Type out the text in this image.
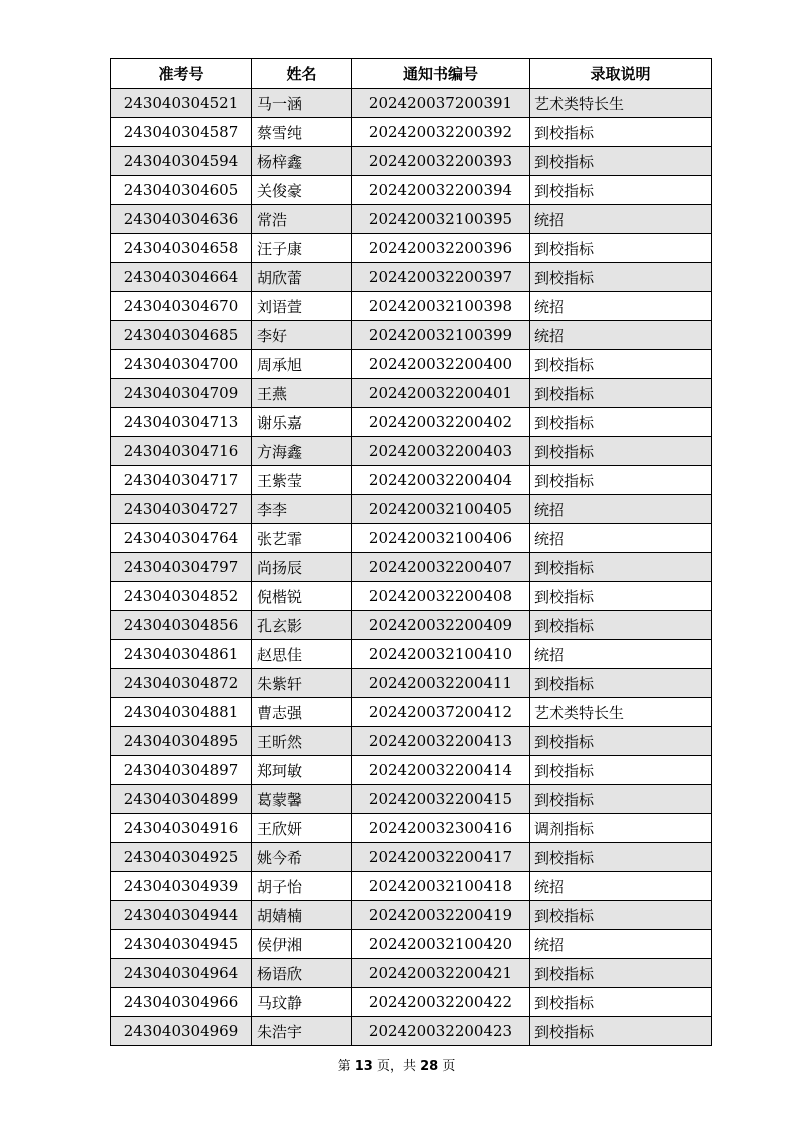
准考号	姓名	通知书编号	录取说明
243040304521	马一涵	202420037200391	艺术类特长生
243040304587	蔡雪纯	202420032200392	到校指标
243040304594	杨梓鑫	202420032200393	到校指标
243040304605	关俊豪	202420032200394	到校指标
243040304636	常浩	202420032100395	统招
243040304658	汪子康	202420032200396	到校指标
243040304664	胡欣蕾	202420032200397	到校指标
243040304670	刘语萱	202420032100398	统招
243040304685	李好	202420032100399	统招
243040304700	周承旭	202420032200400	到校指标
243040304709	王燕	202420032200401	到校指标
243040304713	谢乐嘉	202420032200402	到校指标
243040304716	方海鑫	202420032200403	到校指标
243040304717	王紫莹	202420032200404	到校指标
243040304727	李李	202420032100405	统招
243040304764	张艺霏	202420032100406	统招
243040304797	尚扬辰	202420032200407	到校指标
243040304852	倪楷锐	202420032200408	到校指标
243040304856	孔玄影	202420032200409	到校指标
243040304861	赵思佳	202420032100410	统招
243040304872	朱紫轩	202420032200411	到校指标
243040304881	曹志强	202420037200412	艺术类特长生
243040304895	王昕然	202420032200413	到校指标
243040304897	郑珂敏	202420032200414	到校指标
243040304899	葛蒙馨	202420032200415	到校指标
243040304916	王欣妍	202420032300416	调剂指标
243040304925	姚今希	202420032200417	到校指标
243040304939	胡子怡	202420032100418	统招
243040304944	胡婧楠	202420032200419	到校指标
243040304945	侯伊湘	202420032100420	统招
243040304964	杨语欣	202420032200421	到校指标
243040304966	马玟静	202420032200422	到校指标
243040304969	朱浩宇	202420032200423	到校指标
第 13 页，共 28 页
